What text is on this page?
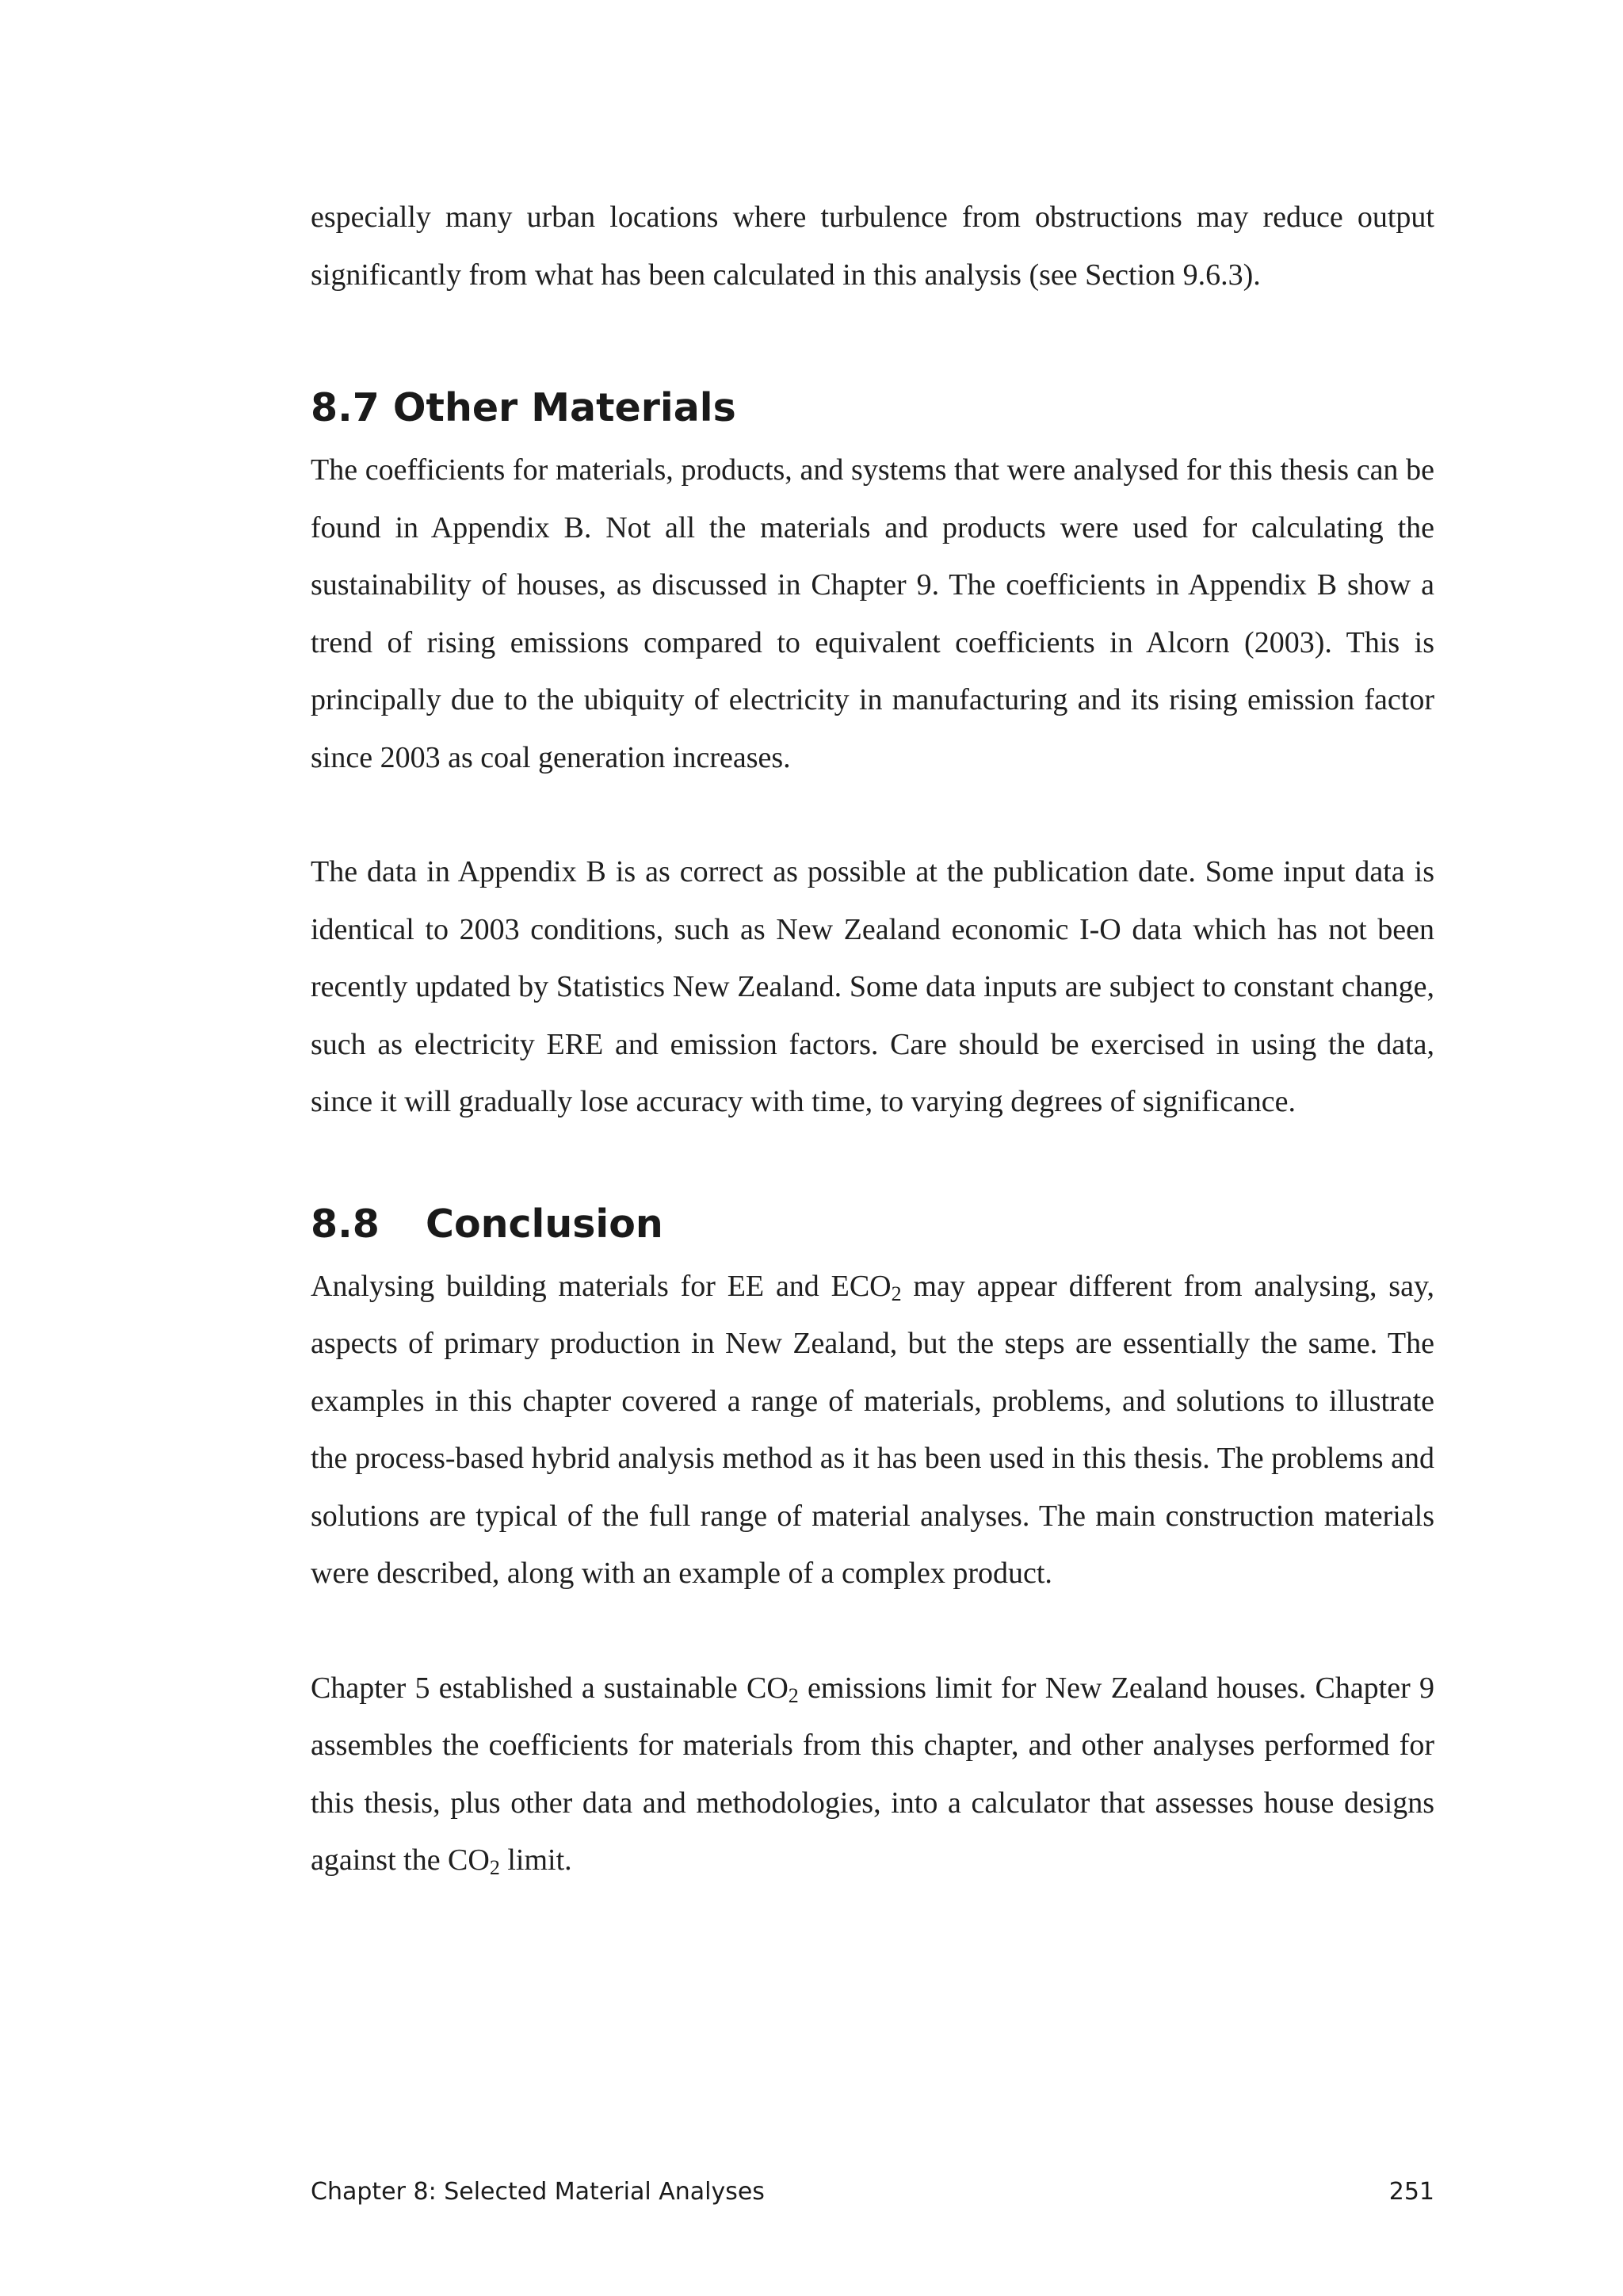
especially many urban locations where turbulence from obstructions may reduce output significantly from what has been calculated in this analysis (see Section 9.6.3).

8.7 Other Materials

The coefficients for materials, products, and systems that were analysed for this thesis can be found in Appendix B. Not all the materials and products were used for calculating the sustainability of houses, as discussed in Chapter 9. The coefficients in Appendix B show a trend of rising emissions compared to equivalent coefficients in Alcorn (2003). This is principally due to the ubiquity of electricity in manufacturing and its rising emission factor since 2003 as coal generation increases.

The data in Appendix B is as correct as possible at the publication date. Some input data is identical to 2003 conditions, such as New Zealand economic I-O data which has not been recently updated by Statistics New Zealand. Some data inputs are subject to constant change, such as electricity ERE and emission factors. Care should be exercised in using the data, since it will gradually lose accuracy with time, to varying degrees of significance.

8.8 Conclusion

Analysing building materials for EE and $ECO_2$ may appear different from analysing, say, aspects of primary production in New Zealand, but the steps are essentially the same. The examples in this chapter covered a range of materials, problems, and solutions to illustrate the process-based hybrid analysis method as it has been used in this thesis. The problems and solutions are typical of the full range of material analyses. The main construction materials were described, along with an example of a complex product.

Chapter 5 established a sustainable $CO_2$ emissions limit for New Zealand houses. Chapter 9 assembles the coefficients for materials from this chapter, and other analyses performed for this thesis, plus other data and methodologies, into a calculator that assesses house designs against the $CO_2$ limit.

Chapter 8: Selected Material Analyses	251
